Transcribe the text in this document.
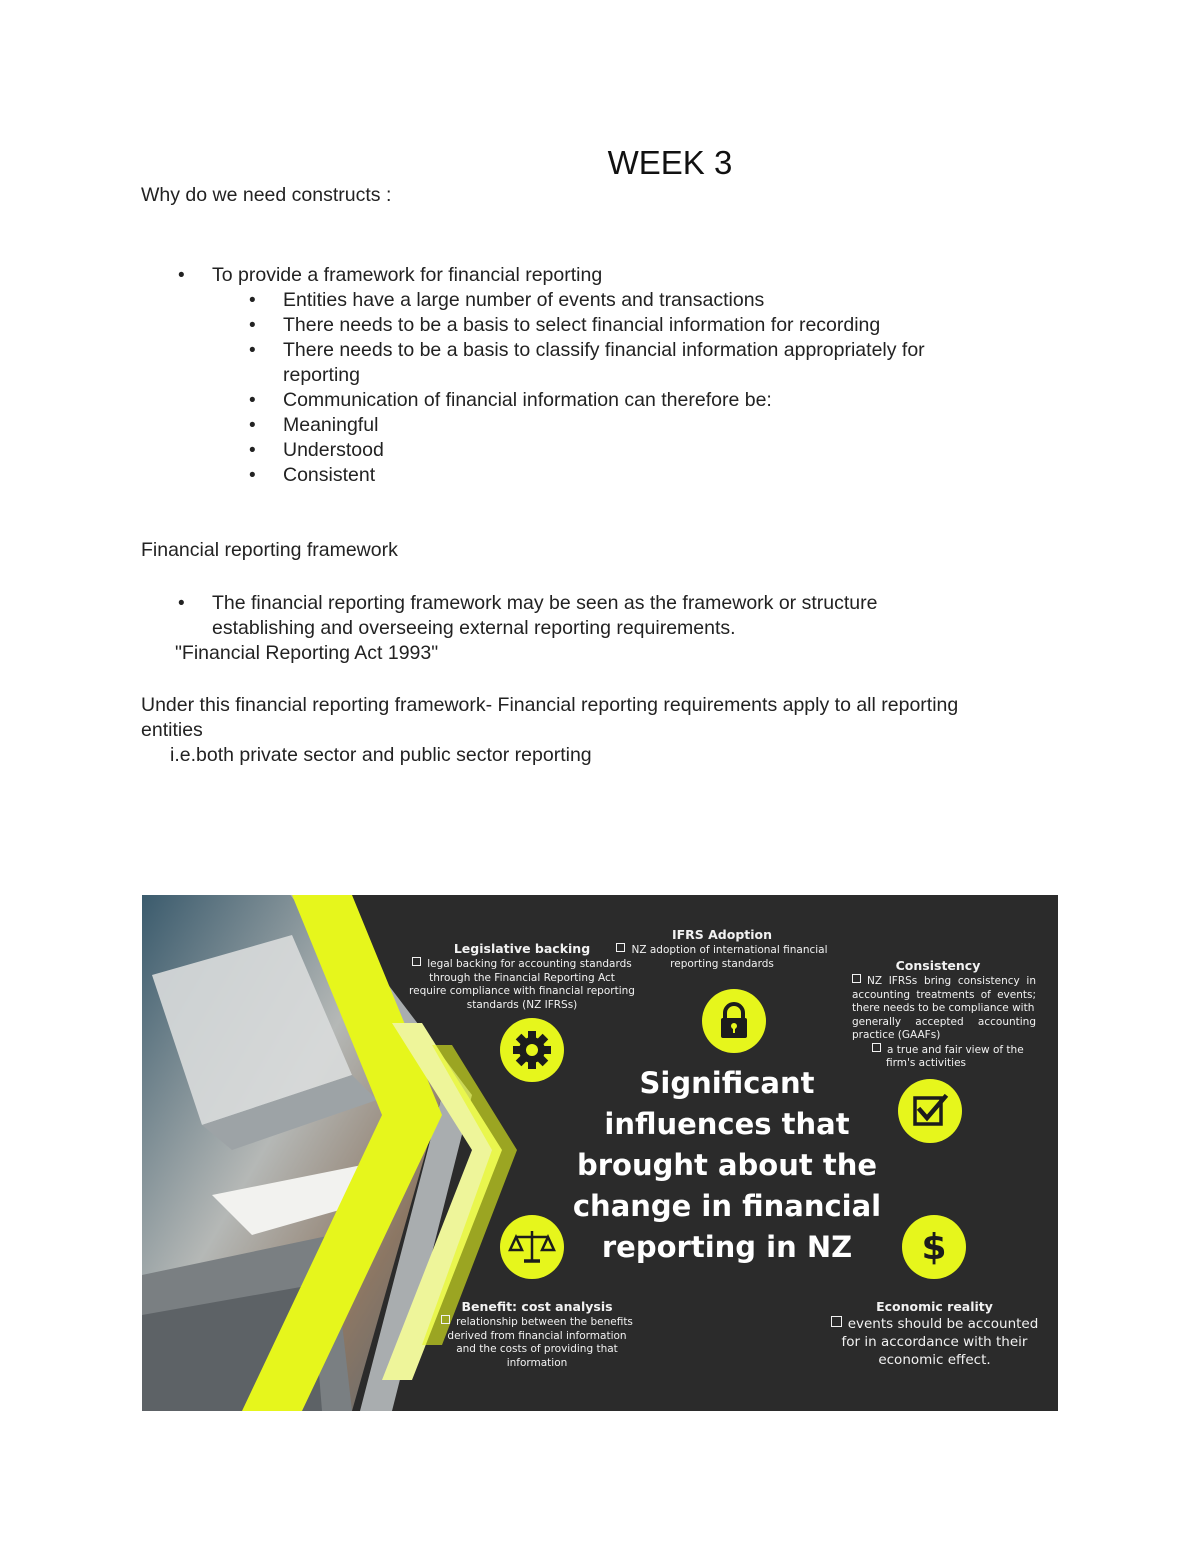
WEEK 3
Why do we need constructs :
• To provide a framework for financial reporting
• Entities have a large number of events and transactions
• There needs to be a basis to select financial information for recording
• There needs to be a basis to classify financial information appropriately for
reporting
• Communication of financial information can therefore be:
• Meaningful
• Understood
• Consistent
Financial reporting framework
• The financial reporting framework may be seen as the framework or structure
establishing and overseeing external reporting requirements.
"Financial Reporting Act 1993"
Under this financial reporting framework- Financial reporting requirements apply to all reporting
entities
i.e.both private sector and public sector reporting
Legislative backing
legal backing for accounting standards
through the Financial Reporting Act
require compliance with financial reporting
standards (NZ IFRSs)
IFRS Adoption
NZ adoption of international financial
reporting standards	Consistency
NZ IFRSs bring consistency in
accounting treatments of events;
there needs to be compliance with
generally accepted accounting
practice (GAAFs)
a true and fair view of the
firm's activities
Significant
influences that
brought about the
change in financial
reporting in NZ
Benefit: cost analysis
relationship between the benefits
derived from financial information
and the costs of providing that
information
Economic reality
events should be accounted
for in accordance with their
economic effect.
$
